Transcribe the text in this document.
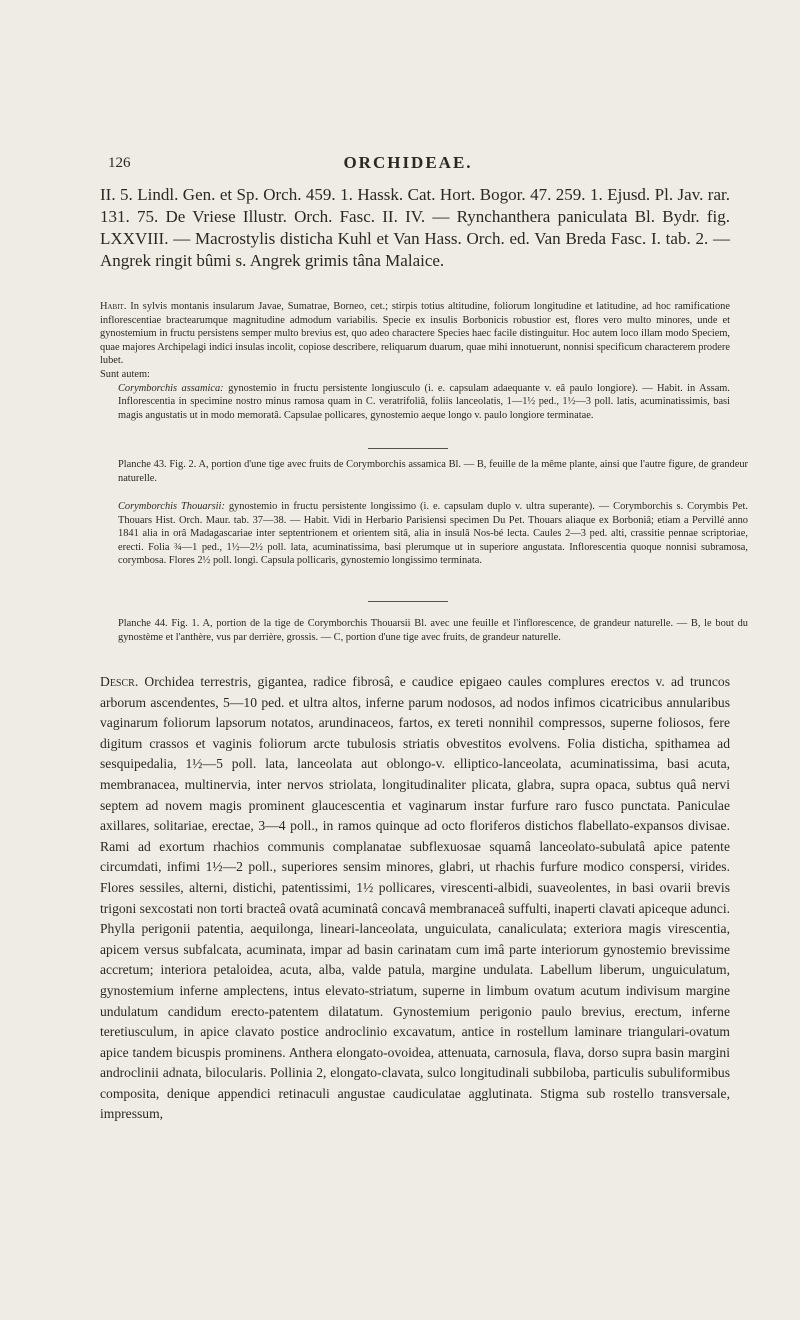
126	ORCHIDEAE.
II. 5. Lindl. Gen. et Sp. Orch. 459. 1. Hassk. Cat. Hort. Bogor. 47. 259. 1. Ejusd. Pl. Jav. rar. 131. 75. De Vriese Illustr. Orch. Fasc. II. IV. — Rynchanthera paniculata Bl. Bydr. fig. LXXVIII. — Macrostylis disticha Kuhl et Van Hass. Orch. ed. Van Breda Fasc. I. tab. 2. — Angrek ringit bûmi s. Angrek grimis tâna Malaice.
Habit. In sylvis montanis insularum Javae, Sumatrae, Borneo, cet.; stirpis totius altitudine, foliorum longitudine et latitudine, ad hoc ramificatione inflorescentiae bractearumque magnitudine admodum variabilis. Specie ex insulis Borbonicis robustior est, flores vero multo minores, unde et gynostemium in fructu persistens semper multo brevius est, quo adeo charactere Species haec facile distinguitur. Hoc autem loco illam modo Speciem, quae majores Archipelagi indici insulas incolit, copiose describere, reliquarum duarum, quae mihi innotuerunt, nonnisi specificum characterem prodere lubet.
Sunt autem:
Corymborchis assamica: gynostemio in fructu persistente longiusculo (i. e. capsulam adaequante v. eâ paulo longiore). — Habit. in Assam. Inflorescentia in specimine nostro minus ramosa quam in C. veratrifoliâ, foliis lanceolatis, 1—1½ ped., 1½—3 poll. latis, acuminatissimis, basi magis angustatis ut in modo memoratâ. Capsulae pollicares, gynostemio aeque longo v. paulo longiore terminatae.
Planche 43. Fig. 2. A, portion d'une tige avec fruits de Corymborchis assamica Bl. — B, feuille de la même plante, ainsi que l'autre figure, de grandeur naturelle.
Corymborchis Thouarsii: gynostemio in fructu persistente longissimo (i. e. capsulam duplo v. ultra superante). — Corymborchis s. Corymbis Pet. Thouars Hist. Orch. Maur. tab. 37—38. — Habit. Vidi in Herbario Parisiensi specimen Du Pet. Thouars aliaque ex Borboniâ; etiam a Pervillé anno 1841 alia in orâ Madagascariae inter septentrionem et orientem sitâ, alia in insulâ Nos-bé lecta. Caules 2—3 ped. alti, crassitie pennae scriptoriae, erecti. Folia ¾—1 ped., 1½—2½ poll. lata, acuminatissima, basi plerumque ut in superiore angustata. Inflorescentia quoque nonnisi subramosa, corymbosa. Flores 2½ poll. longi. Capsula pollicaris, gynostemio longissimo terminata.
Planche 44. Fig. 1. A, portion de la tige de Corymborchis Thouarsii Bl. avec une feuille et l'inflorescence, de grandeur naturelle. — B, le bout du gynostème et l'anthère, vus par derrière, grossis. — C, portion d'une tige avec fruits, de grandeur naturelle.
Descr. Orchidea terrestris, gigantea, radice fibrosâ, e caudice epigaeo caules complures erectos v. ad truncos arborum ascendentes, 5—10 ped. et ultra altos, inferne parum nodosos, ad nodos infimos cicatricibus annularibus vaginarum foliorum lapsorum notatos, arundinaceos, fartos, ex tereti nonnihil compressos, superne foliosos, fere digitum crassos et vaginis foliorum arcte tubulosis striatis obvestitos evolvens. Folia disticha, spithamea ad sesquipedalia, 1½—5 poll. lata, lanceolata aut oblongo-v. elliptico-lanceolata, acuminatissima, basi acuta, membranacea, multinervia, inter nervos striolata, longitudinaliter plicata, glabra, supra opaca, subtus quâ nervi septem ad novem magis prominent glaucescentia et vaginarum instar furfure raro fusco punctata. Paniculae axillares, solitariae, erectae, 3—4 poll., in ramos quinque ad octo floriferos distichos flabellato-expansos divisae. Rami ad exortum rhachios communis complanatae subflexuosae squamâ lanceolato-subulatâ apice patente circumdati, infimi 1½—2 poll., superiores sensim minores, glabri, ut rhachis furfure modico conspersi, virides. Flores sessiles, alterni, distichi, patentissimi, 1½ pollicares, virescenti-albidi, suaveolentes, in basi ovarii brevis trigoni sexcostati non torti bracteâ ovatâ acuminatâ concavâ membranaceâ suffulti, inaperti clavati apiceque adunci. Phylla perigonii patentia, aequilonga, lineari-lanceolata, unguiculata, canaliculata; exteriora magis virescentia, apicem versus subfalcata, acuminata, impar ad basin carinatam cum imâ parte interiorum gynostemio brevissime accretum; interiora petaloidea, acuta, alba, valde patula, margine undulata. Labellum liberum, unguiculatum, gynostemium inferne amplectens, intus elevato-striatum, superne in limbum ovatum acutum indivisum margine undulatum candidum erecto-patentem dilatatum. Gynostemium perigonio paulo brevius, erectum, inferne teretiusculum, in apice clavato postice androclinio excavatum, antice in rostellum laminare triangulari-ovatum apice tandem bicuspis prominens. Anthera elongato-ovoidea, attenuata, carnosula, flava, dorso supra basin margini androclinii adnata, bilocularis. Pollinia 2, elongato-clavata, sulco longitudinali subbiloba, particulis subuliformibus composita, denique appendici retinaculi angustae caudiculatae agglutinata. Stigma sub rostello transversale, impressum,
